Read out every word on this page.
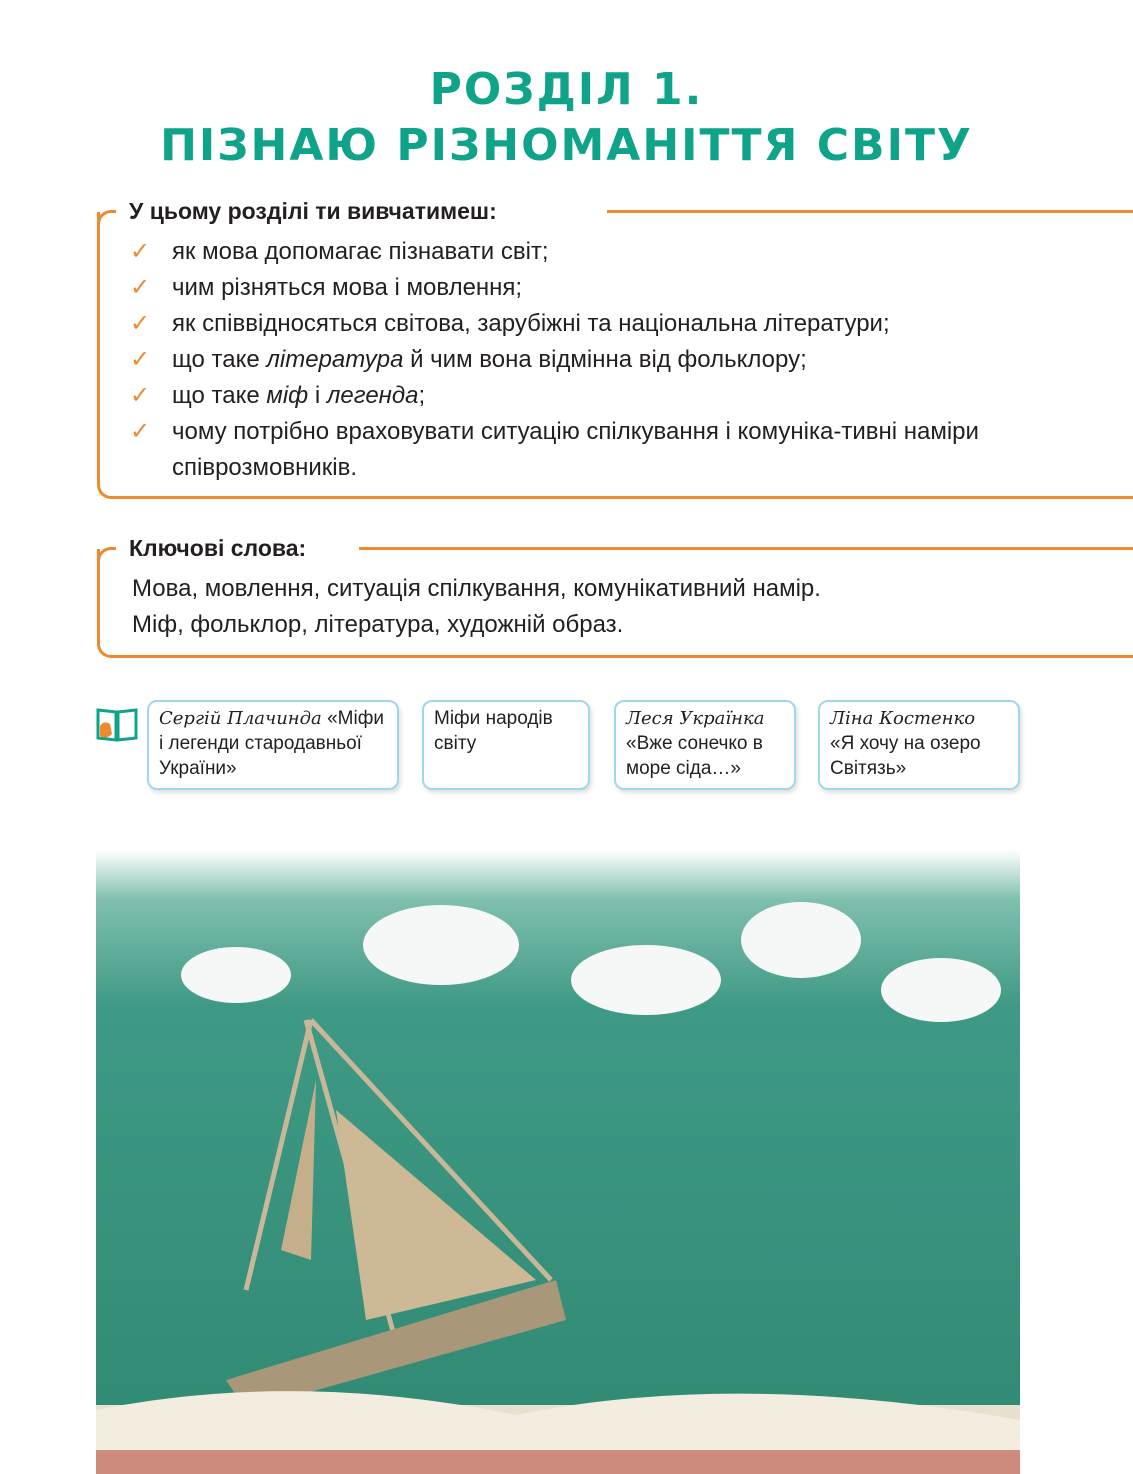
РОЗДІЛ 1.
ПІЗНАЮ РІЗНОМАНІТТЯ СВІТУ
У цьому розділі ти вивчатимеш:
✓ як мова допомагає пізнавати світ;
✓ чим різняться мова і мовлення;
✓ як співвідносяться світова, зарубіжні та національна літератури;
✓ що таке література й чим вона відмінна від фольклору;
✓ що таке міф і легенда;
✓ чому потрібно враховувати ситуацію спілкування і комуніка-тивні наміри співрозмовників.
Ключові слова:
Мова, мовлення, ситуація спілкування, комунікативний намір.
Міф, фольклор, література, художній образ.
Сергій Плачинда «Міфи і легенди стародавньої України»
Міфи народів світу
Леся Українка
«Вже сонечко в море сіда…»
Ліна Костенко
«Я хочу на озеро Світязь»
